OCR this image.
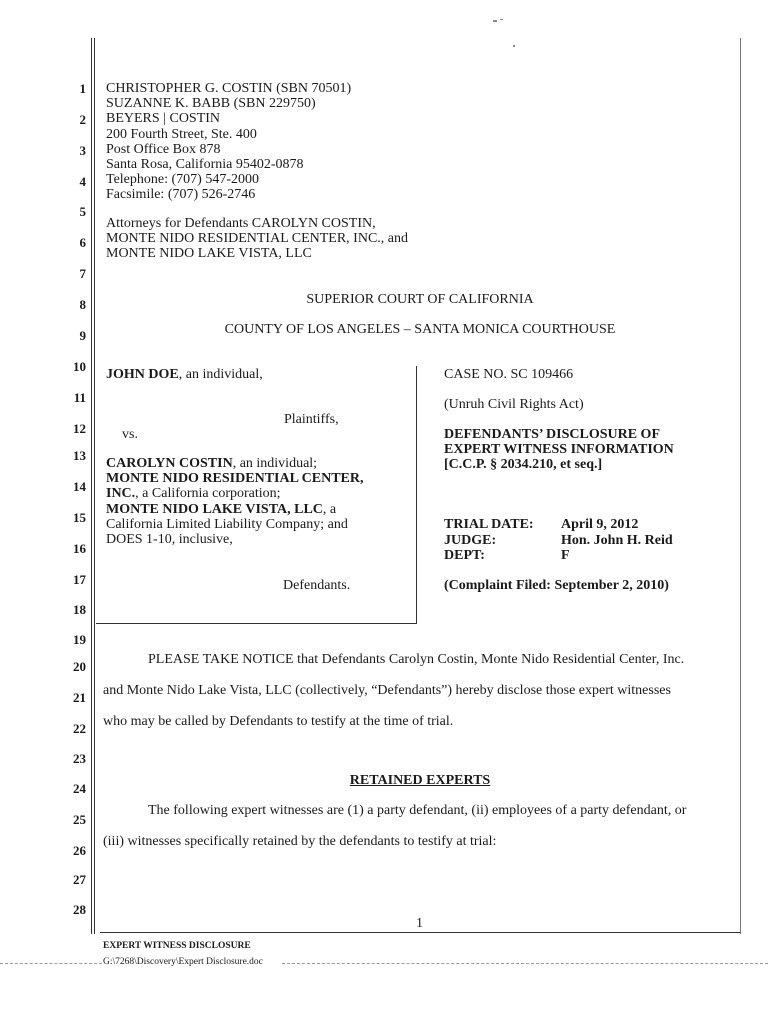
1
2
3
4
5
6
7
8
9
10
11
12
13
14
15
16
17
18
19
20
21
22
23
24
25
26
27
28
CHRISTOPHER G. COSTIN (SBN 70501)
SUZANNE K. BABB (SBN 229750)
BEYERS | COSTIN
200 Fourth Street, Ste. 400
Post Office Box 878
Santa Rosa, California 95402-0878
Telephone: (707) 547-2000
Facsimile: (707) 526-2746
Attorneys for Defendants CAROLYN COSTIN,
MONTE NIDO RESIDENTIAL CENTER, INC., and
MONTE NIDO LAKE VISTA, LLC
SUPERIOR COURT OF CALIFORNIA
COUNTY OF LOS ANGELES – SANTA MONICA COURTHOUSE
JOHN DOE, an individual,
Plaintiffs,
vs.
CAROLYN COSTIN, an individual;
MONTE NIDO RESIDENTIAL CENTER,
INC., a California corporation;
MONTE NIDO LAKE VISTA, LLC, a
California Limited Liability Company; and
DOES 1-10, inclusive,
Defendants.
CASE NO. SC 109466
(Unruh Civil Rights Act)
DEFENDANTS’ DISCLOSURE OF
EXPERT WITNESS INFORMATION
[C.C.P. § 2034.210, et seq.]
TRIAL DATE: April 9, 2012
JUDGE:	Hon. John H. Reid
DEPT:	F
(Complaint Filed: September 2, 2010)
PLEASE TAKE NOTICE that Defendants Carolyn Costin, Monte Nido Residential Center, Inc.
and Monte Nido Lake Vista, LLC (collectively, “Defendants”) hereby disclose those expert witnesses
who may be called by Defendants to testify at the time of trial.
RETAINED EXPERTS
The following expert witnesses are (1) a party defendant, (ii) employees of a party defendant, or
(iii) witnesses specifically retained by the defendants to testify at trial:
1
EXPERT WITNESS DISCLOSURE
G:\7268\Discovery\Expert Disclosure.doc
